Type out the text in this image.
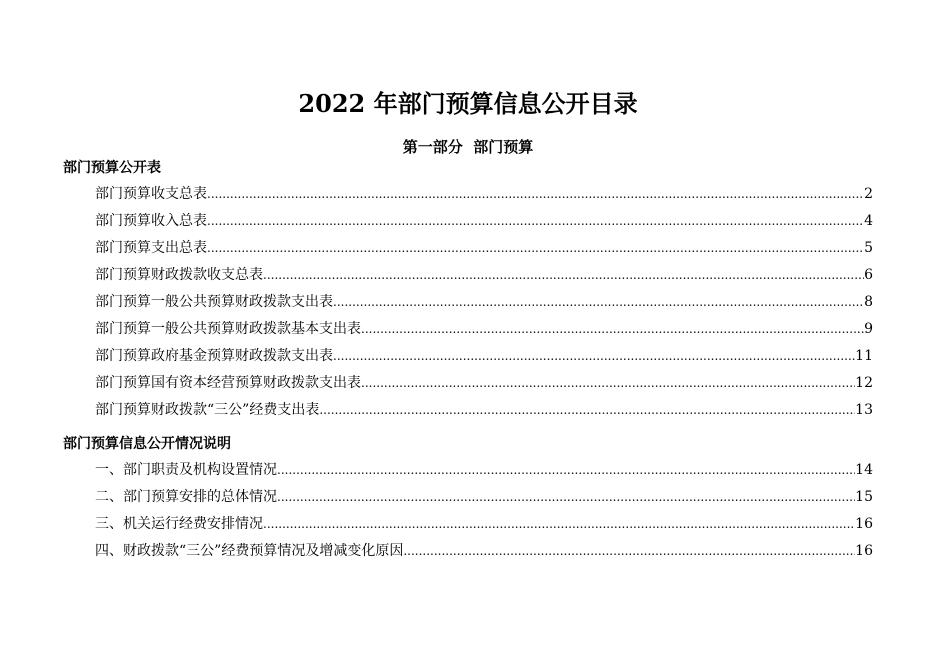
2022 年部门预算信息公开目录
第一部分  部门预算
部门预算公开表
部门预算收支总表 .....	2
部门预算收入总表 .....	4
部门预算支出总表 .....	5
部门预算财政拨款收支总表 .....	6
部门预算一般公共预算财政拨款支出表 .....	8
部门预算一般公共预算财政拨款基本支出表 .....	9
部门预算政府基金预算财政拨款支出表 .....	11
部门预算国有资本经营预算财政拨款支出表 .....	12
部门预算财政拨款“三公”经费支出表 .....	13
部门预算信息公开情况说明
一、部门职责及机构设置情况 .....	14
二、部门预算安排的总体情况 .....	15
三、机关运行经费安排情况 .....	16
四、财政拨款“三公”经费预算情况及增减变化原因 .....	16
